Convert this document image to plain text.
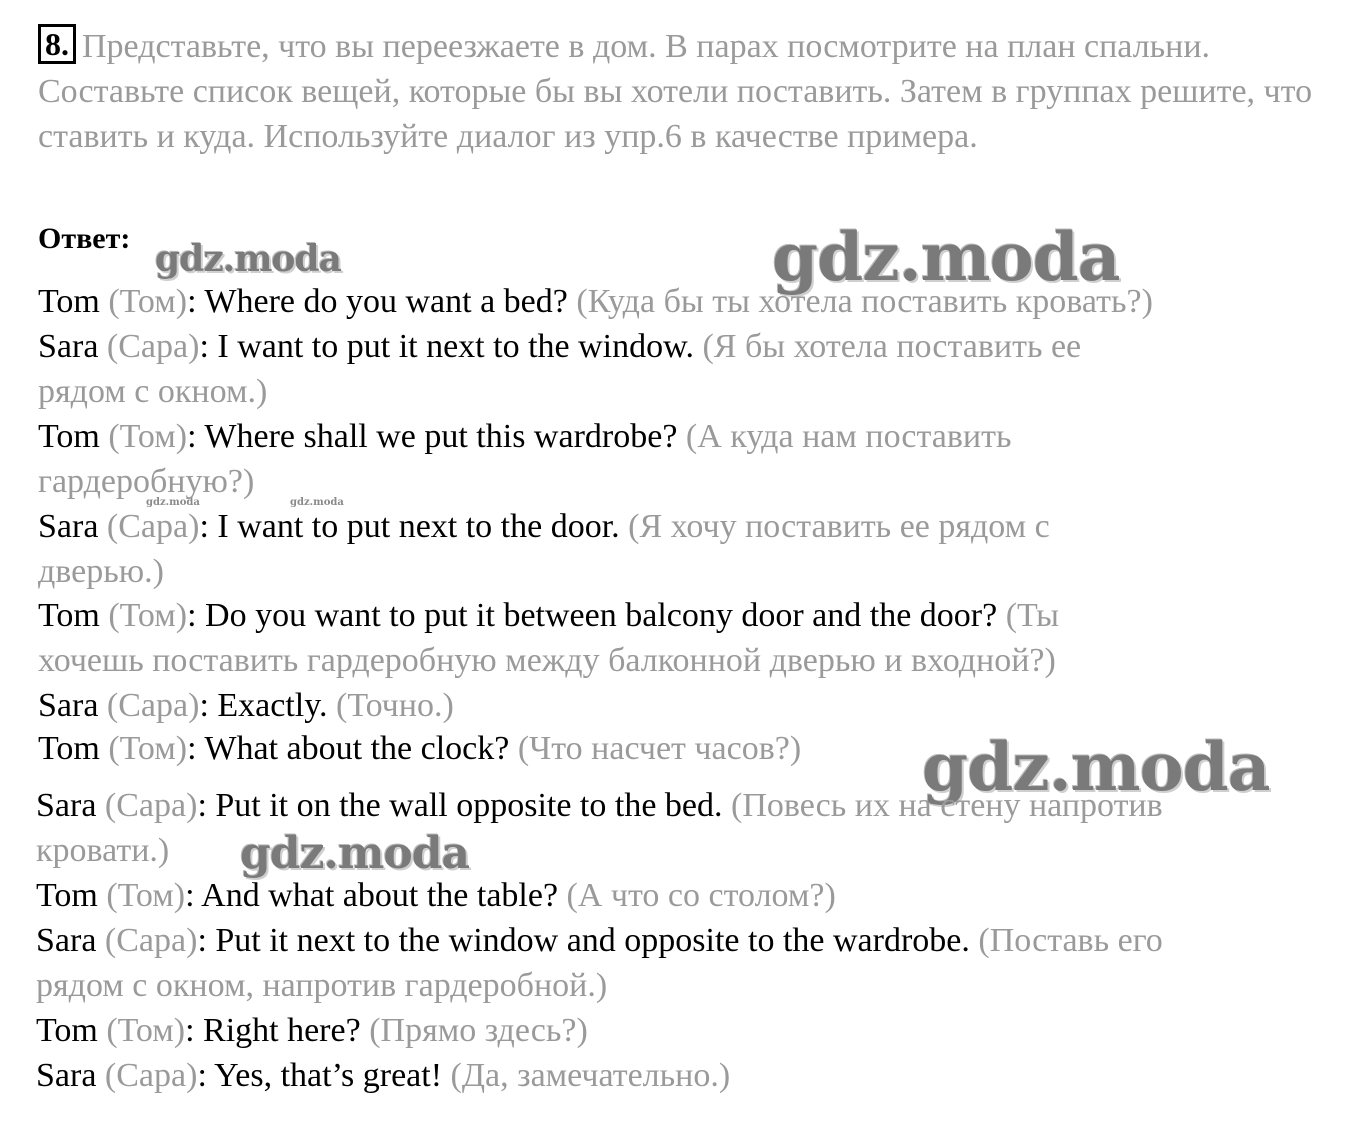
8. Представьте, что вы переезжаете в дом. В парах посмотрите на план спальни. Составьте список вещей, которые бы вы хотели поставить. Затем в группах решите, что ставить и куда. Используйте диалог из упр.6 в качестве примера.
Ответ: gdz.moda	gdz.moda
gdz.moda	gdz.moda
gdz.moda
gdz.moda
Tom (Том): Where do you want a bed? (Куда бы ты хотела поставить кровать?)
Sara (Сара): I want to put it next to the window. (Я бы хотела поставить ее
рядом с окном.)
Tom (Том): Where shall we put this wardrobe? (А куда нам поставить
гардеробную?)
Sara (Сара): I want to put next to the door. (Я хочу поставить ее рядом с
дверью.)
Tom (Том): Do you want to put it between balcony door and the door? (Ты
хочешь поставить гардеробную между балконной дверью и входной?)
Sara (Сара): Exactly. (Точно.)
Tom (Том): What about the clock? (Что насчет часов?)
Sara (Сара): Put it on the wall opposite to the bed. (Повесь их на стену напротив
кровати.)
Tom (Том): And what about the table? (А что со столом?)
Sara (Сара): Put it next to the window and opposite to the wardrobe. (Поставь его
рядом с окном, напротив гардеробной.)
Tom (Том): Right here? (Прямо здесь?)
Sara (Сара): Yes, that’s great! (Да, замечательно.)
